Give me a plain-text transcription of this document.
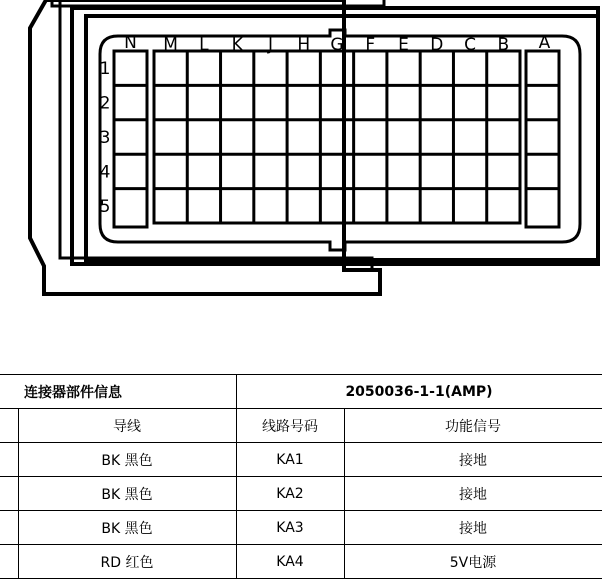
N M L K J H G F E D C B A
1
2
3
4
5
连接器部件信息		2050036-1-1(AMP)	
	导线	线路号码	功能信号
	BK 黑色	KA1	接地
	BK 黑色	KA2	接地
	BK 黑色	KA3	接地
	RD 红色	KA4	5V电源
